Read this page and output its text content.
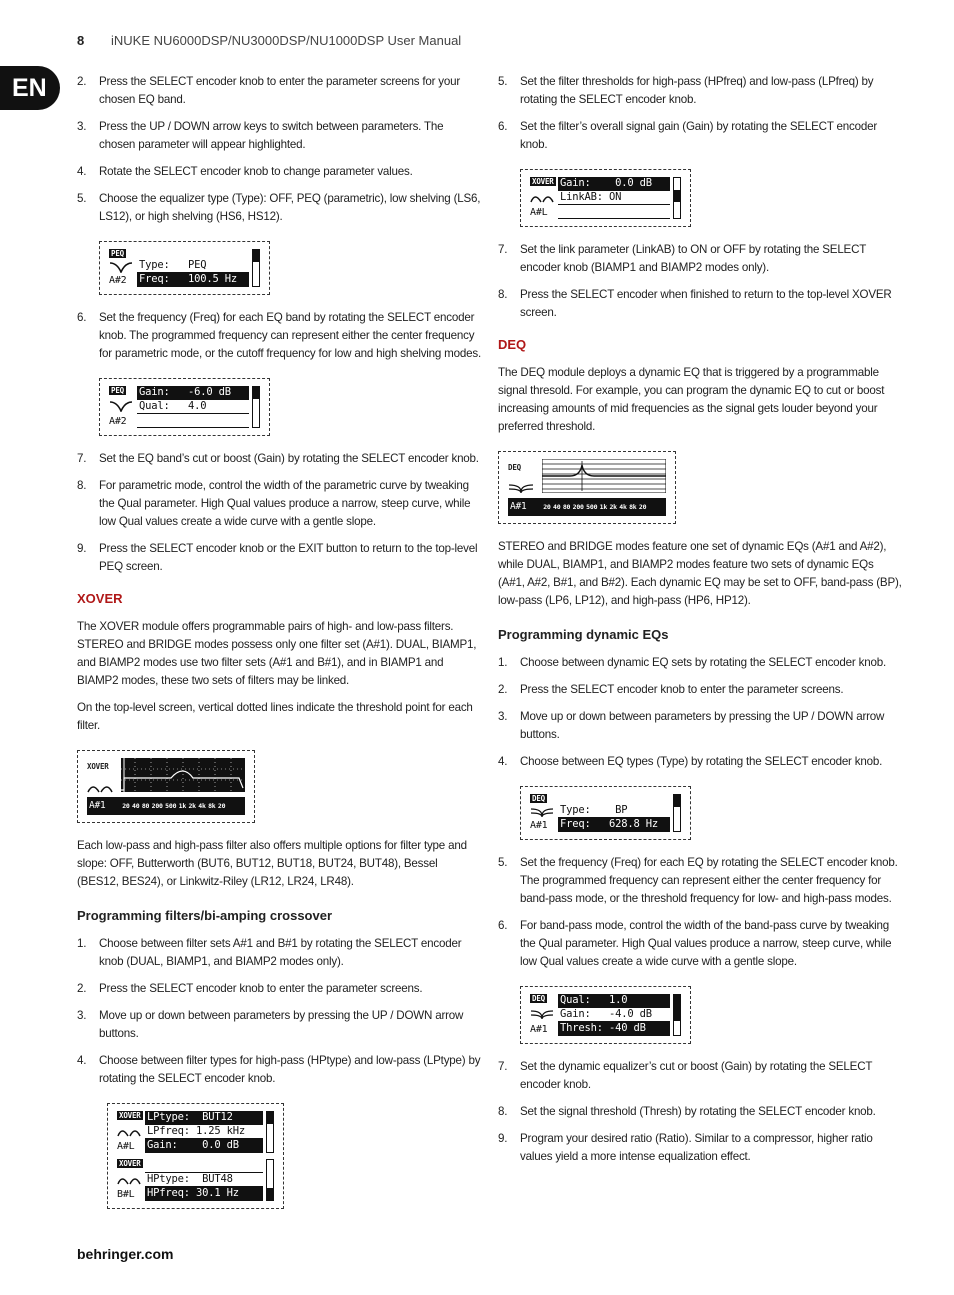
8 iNUKE NU6000DSP/NU3000DSP/NU1000DSP User Manual
EN	2.	Press the SELECT encoder knob to enter the parameter screens for your chosen EQ band.
3.	Press the UP / DOWN arrow keys to switch between parameters. The chosen parameter will appear highlighted.
4.	Rotate the SELECT encoder knob to change parameter values.
5.	Choose the equalizer type (Type): OFF, PEQ (parametric), low shelving (LS6, LS12), or high shelving (HS6, HS12).
PEQ
A#2
Type:   PEQ
Freq:   100.5 Hz
6.	Set the frequency (Freq) for each EQ band by rotating the SELECT encoder knob. The programmed frequency can represent either the center frequency for parametric mode, or the cutoff frequency for low and high shelving modes.
PEQ
A#2
Gain:   -6.0 dB
Qual:   4.0
7.	Set the EQ band’s cut or boost (Gain) by rotating the SELECT encoder knob.
8.	For parametric mode, control the width of the parametric curve by tweaking the Qual parameter. High Qual values produce a narrow, steep curve, while low Qual values create a wide curve with a gentle slope.
9.	Press the SELECT encoder knob or the EXIT button to return to the top-level PEQ screen.
XOVER
The XOVER module offers programmable pairs of high- and low-pass filters. STEREO and BRIDGE modes possess only one filter set (A#1). DUAL, BIAMP1, and BIAMP2 modes use two filter sets (A#1 and B#1), and in BIAMP1 and BIAMP2 modes, these two sets of filters may be linked.
On the top-level screen, vertical dotted lines indicate the threshold point for each filter.
XOVER
A#1	20 40 80 200 500 1k 2k 4k 8k 20
Each low-pass and high-pass filter also offers multiple options for filter type and slope: OFF, Butterworth (BUT6, BUT12, BUT18, BUT24, BUT48), Bessel (BES12, BES24), or Linkwitz-Riley (LR12, LR24, LR48).
Programming filters/bi-amping crossover
1.	Choose between filter sets A#1 and B#1 by rotating the SELECT encoder knob (DUAL, BIAMP1, and BIAMP2 modes only).
2.	Press the SELECT encoder knob to enter the parameter screens.
3.	Move up or down between parameters by pressing the UP / DOWN arrow buttons.
4.	Choose between filter types for high-pass (HPtype) and low-pass (LPtype) by rotating the SELECT encoder knob.
XOVER
A#L
LPtype:  BUT12
LPfreq: 1.25 kHz
Gain:    0.0 dB
XOVER
B#L
HPtype:  BUT48
HPfreq: 30.1 Hz
5.	Set the filter thresholds for high-pass (HPfreq) and low-pass (LPfreq) by rotating the SELECT encoder knob.
6.	Set the filter’s overall signal gain (Gain) by rotating the SELECT encoder knob.
XOVER
A#L
Gain:    0.0 dB
LinkAB: ON
7.	Set the link parameter (LinkAB) to ON or OFF by rotating the SELECT encoder knob (BIAMP1 and BIAMP2 modes only).
8.	Press the SELECT encoder when finished to return to the top-level XOVER screen.
DEQ
The DEQ module deploys a dynamic EQ that is triggered by a programmable signal thresold. For example, you can program the dynamic EQ to cut or boost increasing amounts of mid frequencies as the signal gets louder beyond your preferred threshold.
DEQ
A#1	20 40 80 200 500 1k 2k 4k 8k 20
STEREO and BRIDGE modes feature one set of dynamic EQs (A#1 and A#2), while DUAL, BIAMP1, and BIAMP2 modes feature two sets of dynamic EQs (A#1, A#2, B#1, and B#2). Each dynamic EQ may be set to OFF, band-pass (BP), low-pass (LP6, LP12), and high-pass (HP6, HP12).
Programming dynamic EQs
1.	Choose between dynamic EQ sets by rotating the SELECT encoder knob.
2.	Press the SELECT encoder knob to enter the parameter screens.
3.	Move up or down between parameters by pressing the UP / DOWN arrow buttons.
4.	Choose between EQ types (Type) by rotating the SELECT encoder knob.
DEQ
A#1
Type:    BP
Freq:   628.8 Hz
5.	Set the frequency (Freq) for each EQ by rotating the SELECT encoder knob. The programmed frequency can represent either the center frequency for band-pass mode, or the threshold frequency for low- and high-pass modes.
6.	For band-pass mode, control the width of the band-pass curve by tweaking the Qual parameter. High Qual values produce a narrow, steep curve, while low Qual values create a wide curve with a gentle slope.
DEQ
A#1
Qual:   1.0
Gain:   -4.0 dB
Thresh: -40 dB
7.	Set the dynamic equalizer’s cut or boost (Gain) by rotating the SELECT encoder knob.
8.	Set the signal threshold (Thresh) by rotating the SELECT encoder knob.
9.	Program your desired ratio (Ratio). Similar to a compressor, higher ratio values yield a more intense equalization effect.
behringer.com
